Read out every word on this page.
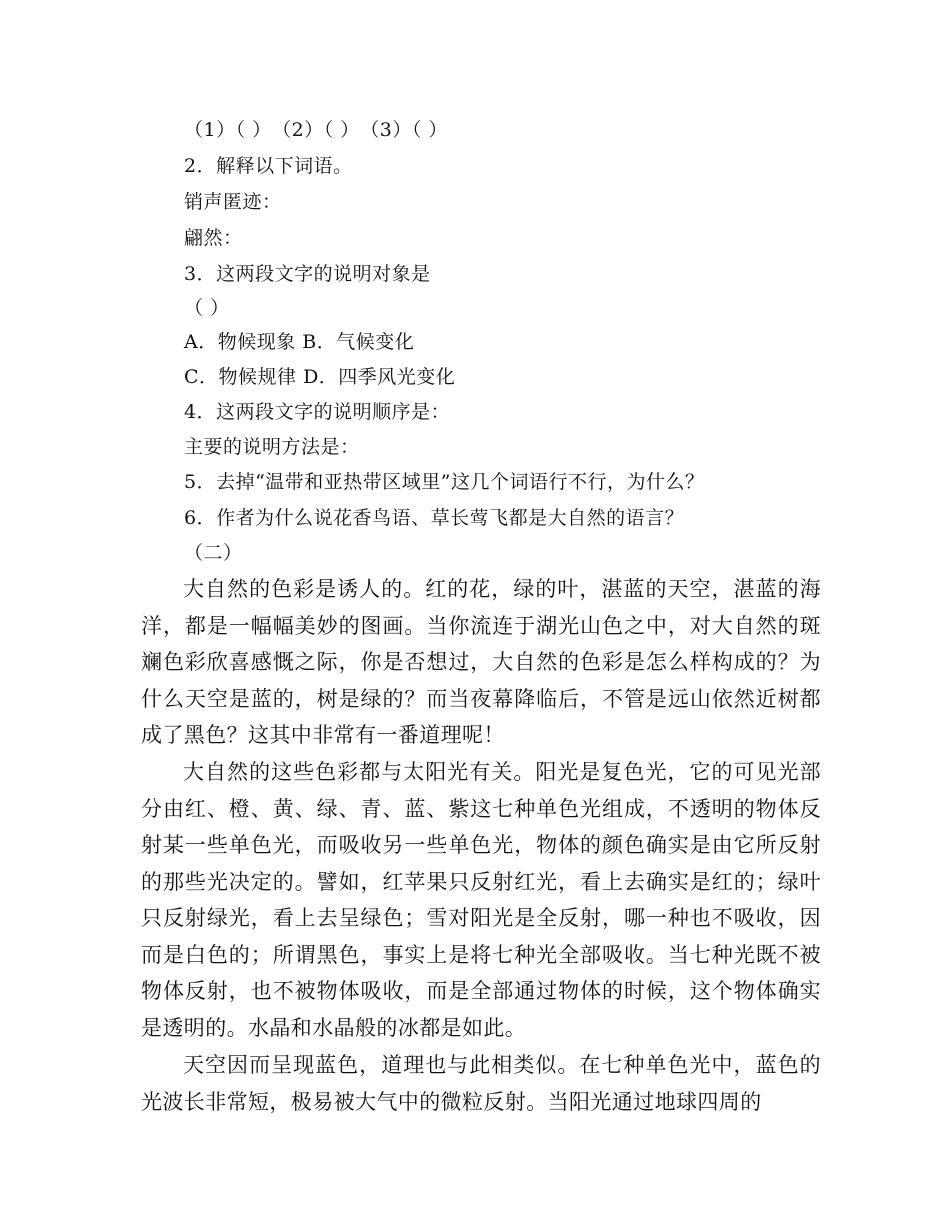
（1）（ ）　（2）（ ）　（3）（ ）
2．解释以下词语。
销声匿迹：
翩然：
3．这两段文字的说明对象是
（ ）
A．物候现象 B．气候变化
C．物候规律 D．四季风光变化
4．这两段文字的说明顺序是：
主要的说明方法是：
5．去掉“温带和亚热带区域里”这几个词语行不行，为什么？
6．作者为什么说花香鸟语、草长莺飞都是大自然的语言？
（二）

大自然的色彩是诱人的。红的花，绿的叶，湛蓝的天空，湛蓝的海洋，都是一幅幅美妙的图画。当你流连于湖光山色之中，对大自然的斑斓色彩欣喜感慨之际，你是否想过，大自然的色彩是怎么样构成的？为什么天空是蓝的，树是绿的？而当夜幕降临后，不管是远山依然近树都成了黑色？这其中非常有一番道理呢！

大自然的这些色彩都与太阳光有关。阳光是复色光，它的可见光部分由红、橙、黄、绿、青、蓝、紫这七种单色光组成，不透明的物体反射某一些单色光，而吸收另一些单色光，物体的颜色确实是由它所反射的那些光决定的。譬如，红苹果只反射红光，看上去确实是红的；绿叶只反射绿光，看上去呈绿色；雪对阳光是全反射，哪一种也不吸收，因而是白色的；所谓黑色，事实上是将七种光全部吸收。当七种光既不被物体反射，也不被物体吸收，而是全部通过物体的时候，这个物体确实是透明的。水晶和水晶般的冰都是如此。

天空因而呈现蓝色，道理也与此相类似。在七种单色光中，蓝色的光波长非常短，极易被大气中的微粒反射。当阳光通过地球四周的
